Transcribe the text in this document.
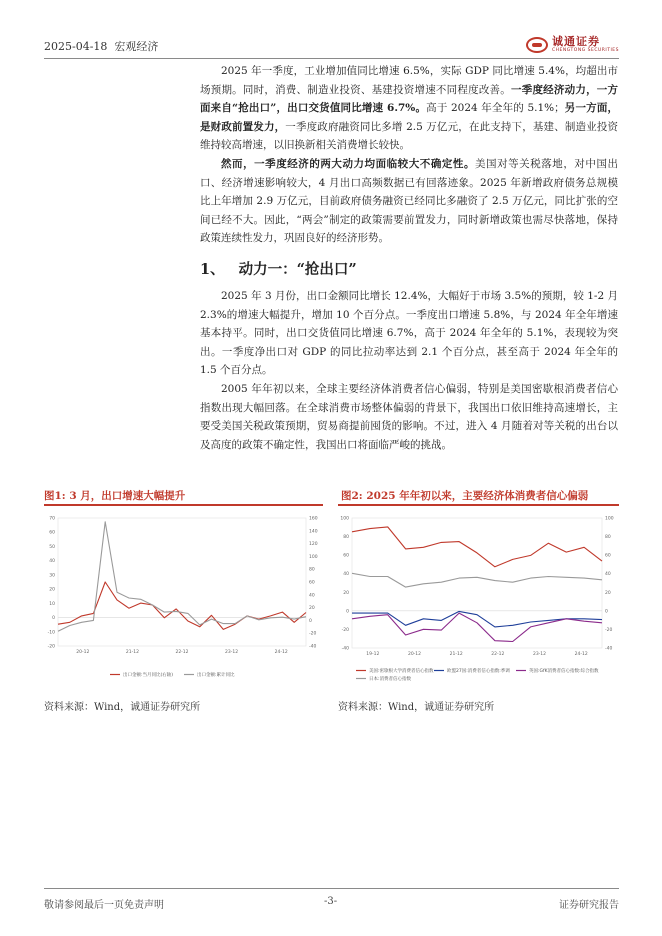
2025-04-18 宏观经济	诚通证券
CHENGTONG SECURITIES

2025 年一季度，工业增加值同比增速 6.5%，实际 GDP 同比增速 5.4%，均超出市场预期。同时，消费、制造业投资、基建投资增速不同程度改善。一季度经济动力，一方面来自“抢出口”，出口交货值同比增速 6.7%。高于 2024 年全年的 5.1%；另一方面，是财政前置发力，一季度政府融资同比多增 2.5 万亿元，在此支持下，基建、制造业投资维持较高增速，以旧换新相关消费增长较快。

然而，一季度经济的两大动力均面临较大不确定性。美国对等关税落地，对中国出口、经济增速影响较大，4 月出口高频数据已有回落迹象。2025 年新增政府债务总规模比上年增加 2.9 万亿元，目前政府债务融资已经同比多融资了 2.5 万亿元，同比扩张的空间已经不大。因此，“两会”制定的政策需要前置发力，同时新增政策也需尽快落地，保持政策连续性发力，巩固良好的经济形势。

1、 动力一：“抢出口”

2025 年 3 月份，出口金额同比增长 12.4%，大幅好于市场 3.5%的预期，较 1-2 月 2.3%的增速大幅提升，增加 10 个百分点。一季度出口增速 5.8%，与 2024 年全年增速基本持平。同时，出口交货值同比增速 6.7%，高于 2024 年全年的 5.1%，表现较为突出。一季度净出口对 GDP 的同比拉动率达到 2.1 个百分点，甚至高于 2024 年全年的 1.5 个百分点。

2005 年年初以来，全球主要经济体消费者信心偏弱，特别是美国密歇根消费者信心指数出现大幅回落。在全球消费市场整体偏弱的背景下，我国出口依旧维持高速增长，主要受美国关税政策预期，贸易商提前囤货的影响。不过，进入 4 月随着对等关税的出台以及高度的政策不确定性，我国出口将面临严峻的挑战。

图1: 3 月，出口增速大幅提升
70
60
50
40
30
20
10
0
-10
-20
160
140
120
100
80
60
40
20
0
-20
-40
20-12	21-12	22-12	23-12	24-12
出口金额:当月同比(右轴)	出口金额:累计同比
资料来源：Wind，诚通证券研究所
图2: 2025 年年初以来，主要经济体消费者信心偏弱
100
80
60
40
20
0
-20
-40
100
80
60
40
20
0
-20
-40
19-12	20-12	21-12	22-12	23-12	24-12
美国:密歇根大学消费者信心指数	欧盟27国:消费者信心指数:季调	英国:GfK消费者信心指数:综合指数
日本:消费者信心指数
资料来源：Wind，诚通证券研究所
敬请参阅最后一页免责声明	-3-	证券研究报告
